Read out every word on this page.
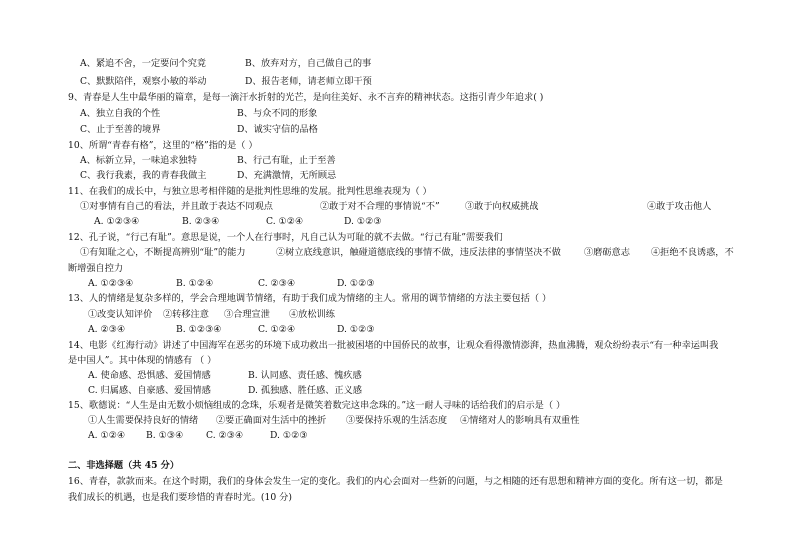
A、紧追不舍，一定要问个究竟	B、放弃对方，自己做自己的事
C、默默陪伴，观察小敏的举动	D、报告老师，请老师立即干预
9、青春是人生中最华丽的篇章，是每一滴汗水折射的光芒，是向往美好、永不言弃的精神状态。这指引青少年追求( )
A、独立自我的个性	B、与众不同的形象
C、止于至善的境界	D、诚实守信的品格
10、所谓“青春有格”，这里的“格”指的是（ ）
A、标新立异，一味追求独特	B、行己有耻，止于至善
C、我行我素，我的青春我做主	D、充满激情，无所顾忌
11、在我们的成长中，与独立思考相伴随的是批判性思维的发展。批判性思维表现为（ ）
①对事情有自己的看法，并且敢于表达不同观点	②敢于对不合理的事情说“不”	③敢于向权威挑战	④敢于攻击他人
A. ①②③④	B. ②③④	C. ①②④	D. ①②③
12、孔子说，“行己有耻”。意思是说，一个人在行事时，凡自己认为可耻的就不去做。“行己有耻”需要我们
①有知耻之心，不断提高辨别“耻”的能力	②树立底线意识，触碰道德底线的事情不做，违反法律的事情坚决不做	③磨砺意志 ④拒绝不良诱惑，不
断增强自控力
A. ①②③④	B. ①②④	C. ②③④	D. ①②③
13、人的情绪是复杂多样的，学会合理地调节情绪，有助于我们成为情绪的主人。常用的调节情绪的方法主要包括（ ）
①改变认知评价 ②转移注意 ③合理宣泄 ④放松训练
A. ②③④	B. ①②③④	C. ①②④	D. ①②③
14、电影《红海行动》讲述了中国海军在恶劣的环境下成功救出一批被困堵的中国侨民的故事，让观众看得激情澎湃，热血沸腾，观众纷纷表示“有一种幸运叫我
是中国人”。其中体现的情感有 （ ）
A. 使命感、恐惧感、爱国情感	B. 认同感、责任感、愧疚感
C. 归属感、自豪感、爱国情感	D. 孤独感、胜任感、正义感
15、歌德说：“人生是由无数小烦恼组成的念珠，乐观者是微笑着数完这串念珠的。”这一耐人寻味的话给我们的启示是（ ）
①人生需要保持良好的情绪 ②要正确面对生活中的挫折 ③要保持乐观的生活态度 ④情绪对人的影响具有双重性
A. ①②④ B. ①③④ C. ②③④	D. ①②③
二、非选择题（共 45 分）
16、青春，款款而来。在这个时期，我们的身体会发生一定的变化。我们的内心会面对一些新的问题，与之相随的还有思想和精神方面的变化。所有这一切，都是
我们成长的机遇，也是我们要珍惜的青春时光。(10 分)
